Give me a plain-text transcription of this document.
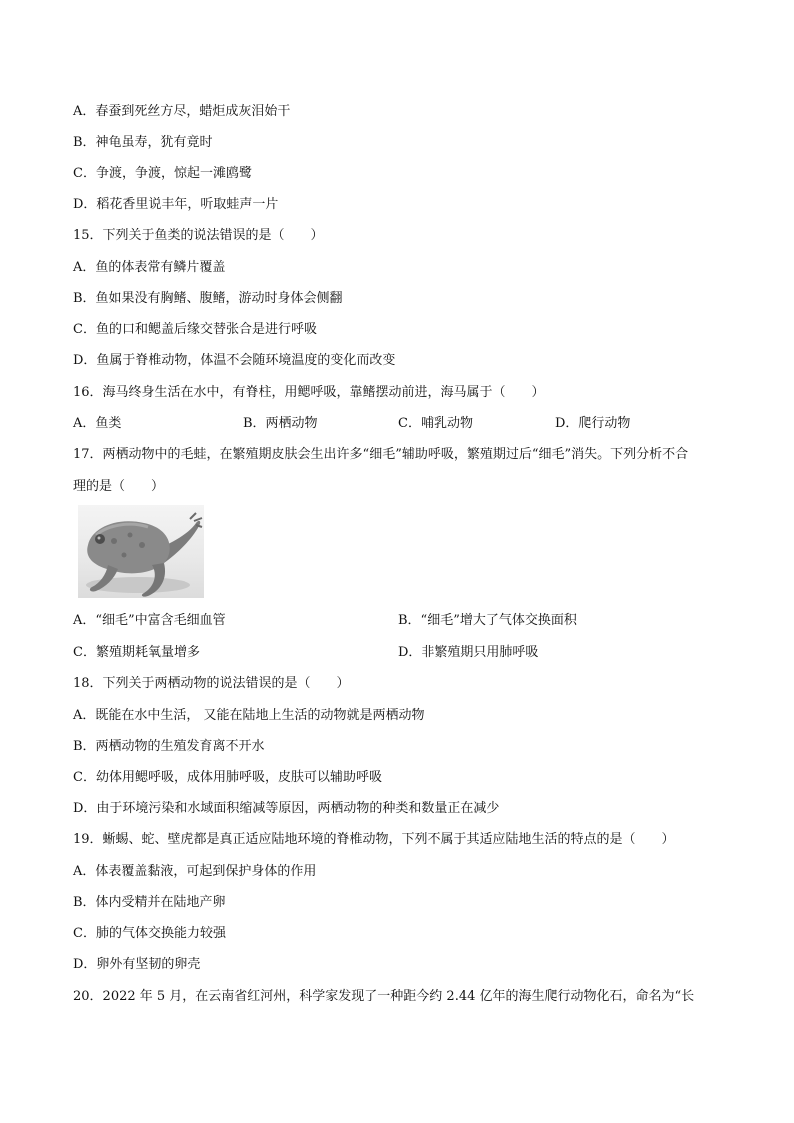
A．春蚕到死丝方尽，蜡炬成灰泪始干
B．神龟虽寿，犹有竟时
C．争渡，争渡，惊起一滩鸥鹭
D．稻花香里说丰年，听取蛙声一片
15．下列关于鱼类的说法错误的是（　　）
A．鱼的体表常有鳞片覆盖
B．鱼如果没有胸鳍、腹鳍，游动时身体会侧翻
C．鱼的口和鳃盖后缘交替张合是进行呼吸
D．鱼属于脊椎动物，体温不会随环境温度的变化而改变
16．海马终身生活在水中，有脊柱，用鳃呼吸，靠鳍摆动前进，海马属于（　　）
A．鱼类	B．两栖动物	C．哺乳动物	D．爬行动物
17．两栖动物中的毛蛙，在繁殖期皮肤会生出许多“细毛”辅助呼吸，繁殖期过后“细毛”消失。下列分析不合
理的是（　　）
A．“细毛”中富含毛细血管	B．“细毛”增大了气体交换面积
C．繁殖期耗氧量增多	D．非繁殖期只用肺呼吸
18．下列关于两栖动物的说法错误的是（　　）
A．既能在水中生活， 又能在陆地上生活的动物就是两栖动物
B．两栖动物的生殖发育离不开水
C．幼体用鳃呼吸，成体用肺呼吸，皮肤可以辅助呼吸
D．由于环境污染和水域面积缩减等原因，两栖动物的种类和数量正在减少
19．蜥蜴、蛇、壁虎都是真正适应陆地环境的脊椎动物，下列不属于其适应陆地生活的特点的是（　　）
A．体表覆盖黏液，可起到保护身体的作用
B．体内受精并在陆地产卵
C．肺的气体交换能力较强
D．卵外有坚韧的卵壳
20．2022 年 5 月，在云南省红河州，科学家发现了一种距今约 2.44 亿年的海生爬行动物化石，命名为“长
